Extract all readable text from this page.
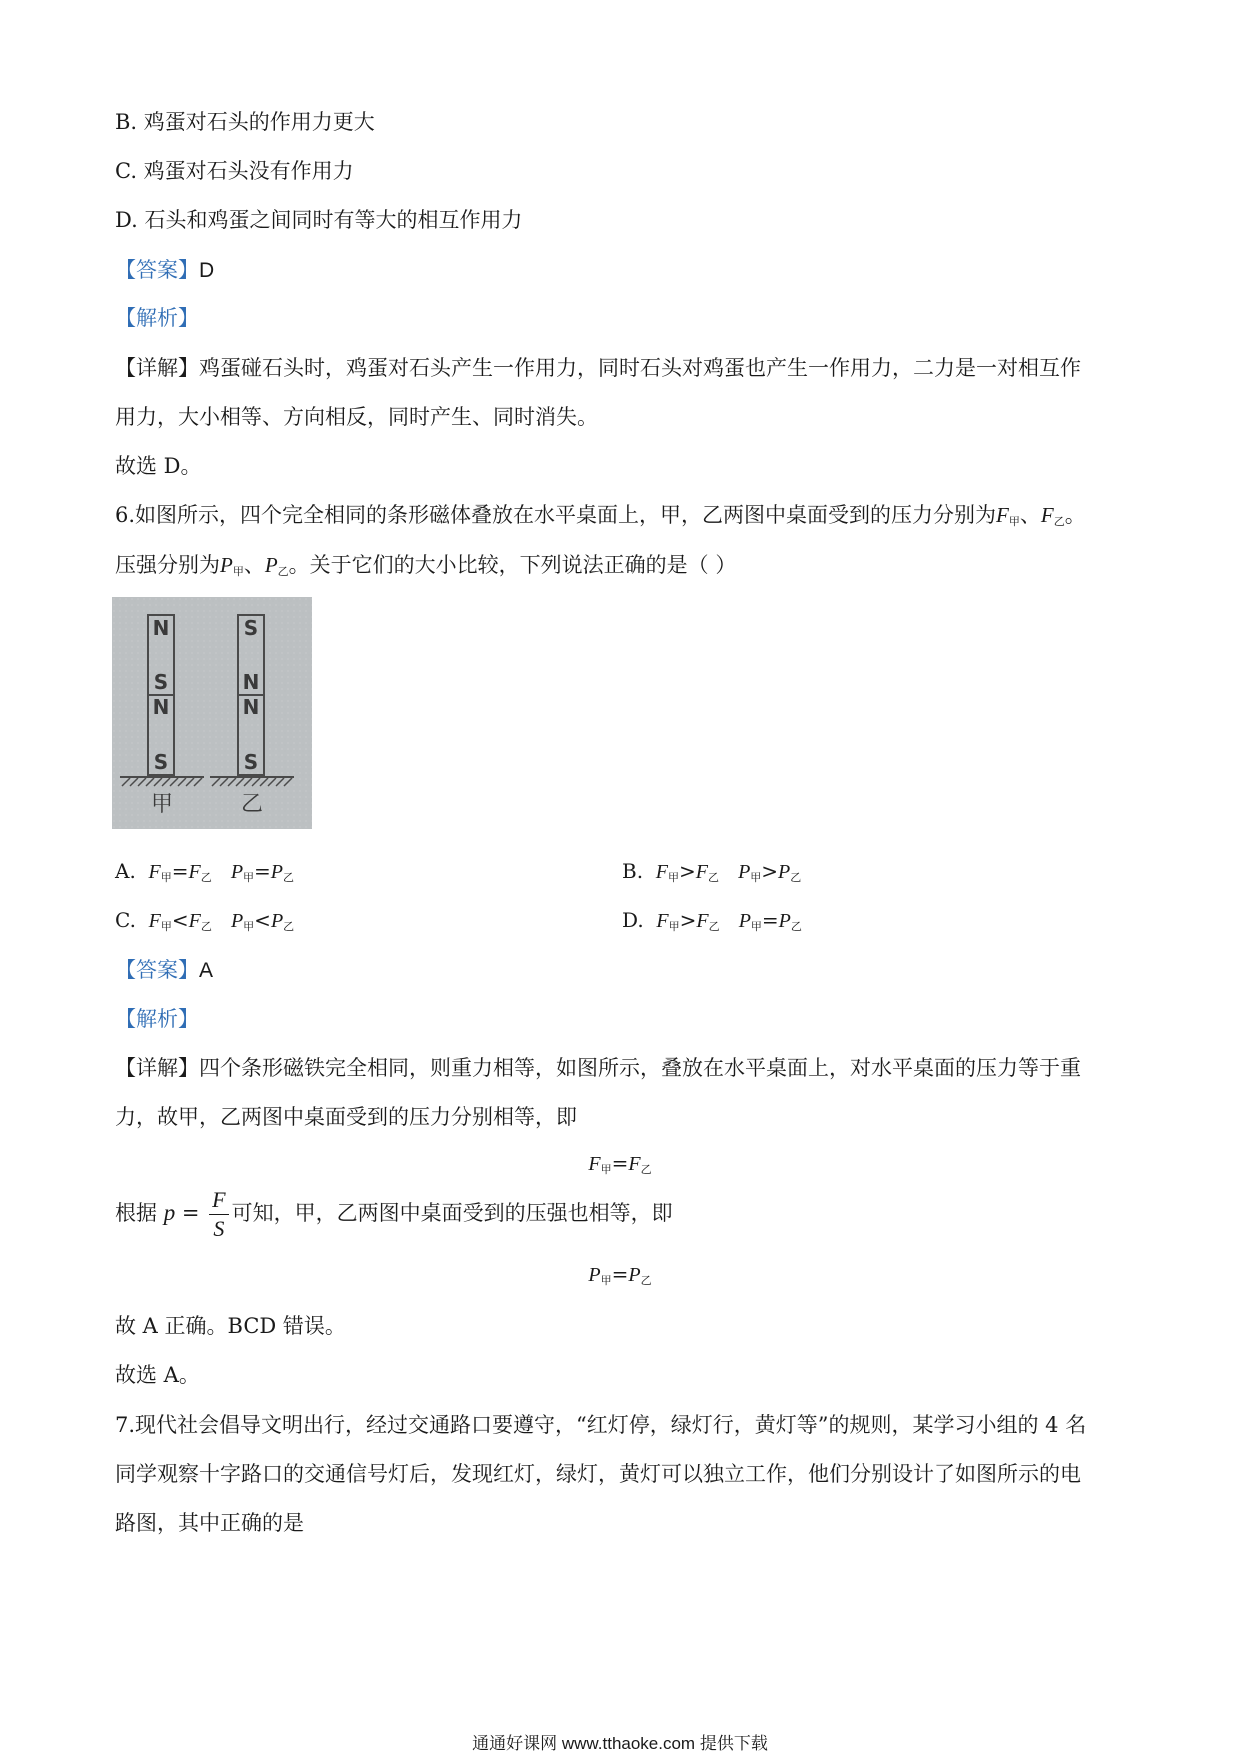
B. 鸡蛋对石头的作用力更大
C. 鸡蛋对石头没有作用力
D. 石头和鸡蛋之间同时有等大的相互作用力
【答案】D
【解析】
【详解】鸡蛋碰石头时，鸡蛋对石头产生一作用力，同时石头对鸡蛋也产生一作用力，二力是一对相互作
用力，大小相等、方向相反，同时产生、同时消失。
故选 D。
6.如图所示，四个完全相同的条形磁体叠放在水平桌面上，甲，乙两图中桌面受到的压力分别为$F_甲$、$F_乙$。
压强分别为$P_甲$、$P_乙$。关于它们的大小比较，下列说法正确的是（ ）
N
S
N
S
S
N
N
S
甲	乙
A. $F_甲=F_乙$ $P_甲=P_乙$	B. $F_甲>F_乙$ $P_甲>P_乙$
C. $F_甲<F_乙$ $P_甲<P_乙$	D. $F_甲>F_乙$ $P_甲=P_乙$
【答案】A
【解析】
【详解】四个条形磁铁完全相同，则重力相等，如图所示，叠放在水平桌面上，对水平桌面的压力等于重
力，故甲，乙两图中桌面受到的压力分别相等，即
$F_甲=F_乙$
根据 $p = \frac{F}{S}$ 可知，甲，乙两图中桌面受到的压强也相等，即
$P_甲=P_乙$
故 A 正确。BCD 错误。
故选 A。
7.现代社会倡导文明出行，经过交通路口要遵守，“红灯停，绿灯行，黄灯等”的规则，某学习小组的 4 名
同学观察十字路口的交通信号灯后，发现红灯，绿灯，黄灯可以独立工作，他们分别设计了如图所示的电
路图，其中正确的是
通通好课网 www.tthaoke.com 提供下载
